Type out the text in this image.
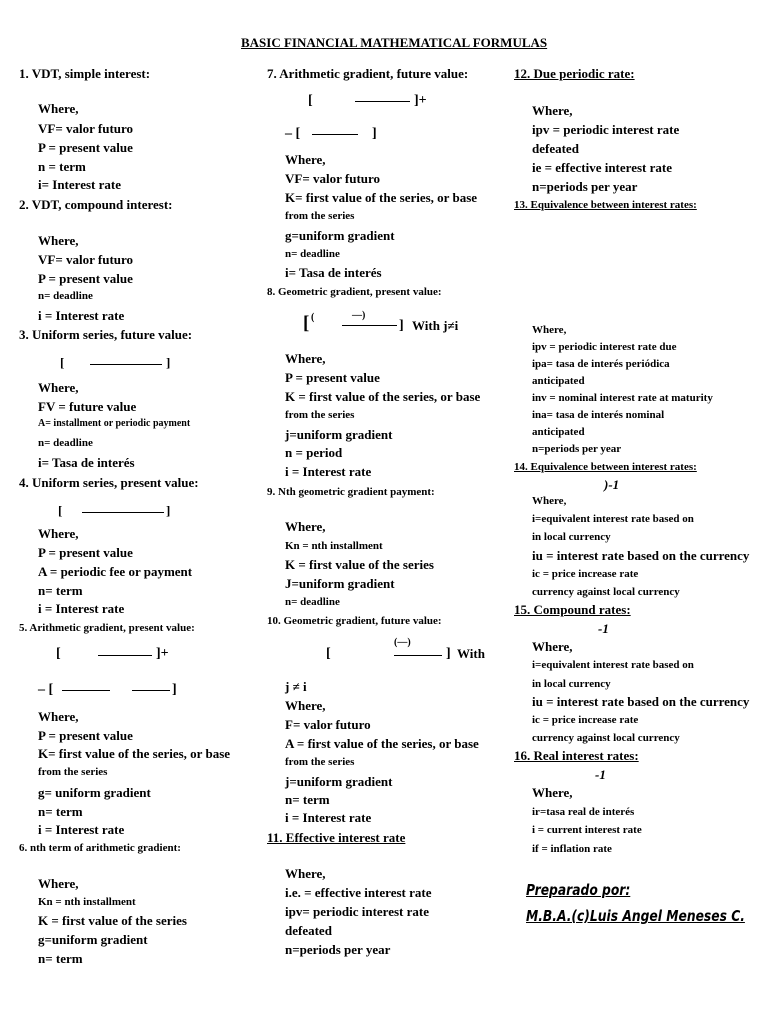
BASIC FINANCIAL MATHEMATICAL FORMULAS
1. VDT, simple interest:
Where,
VF= valor futuro
P = present value
n = term
i= Interest rate
2. VDT, compound interest:
Where,
VF= valor futuro
P = present value
n= deadline
i = Interest rate
3. Uniform series, future value:
[	]
Where,
FV = future value
A= installment or periodic payment
n= deadline
i= Tasa de interés
4. Uniform series, present value:
[	]
Where,
P = present value
A = periodic fee or payment
n= term
i = Interest rate
5. Arithmetic gradient, present value:
[	]+
– [	]
Where,
P = present value
K= first value of the series, or base
from the series
g= uniform gradient
n= term
i = Interest rate
6. nth term of arithmetic gradient:
Where,
Kn = nth installment
K = first value of the series
g=uniform gradient
n= term
7. Arithmetic gradient, future value:
[	]+
– [	]
Where,
VF= valor futuro
K= first value of the series, or base
from the series
g=uniform gradient
n= deadline
i= Tasa de interés
8. Geometric gradient, present value:
[ (	—)
] With j≠i
Where,
P = present value
K = first value of the series, or base
from the series
j=uniform gradient
n = period
i = Interest rate
9. Nth geometric gradient payment:
Where,
Kn = nth installment
K = first value of the series
J=uniform gradient
n= deadline
10. Geometric gradient, future value:
(—)
[	] With
j ≠ i
Where,
F= valor futuro
A = first value of the series, or base
from the series
j=uniform gradient
n= term
i = Interest rate
11. Effective interest rate
Where,
i.e. = effective interest rate
ipv= periodic interest rate
defeated
n=periods per year
12. Due periodic rate:
Where,
ipv = periodic interest rate
defeated
ie = effective interest rate
n=periods per year
13. Equivalence between interest rates:
Where,
ipv = periodic interest rate due
ipa= tasa de interés periódica
anticipated
inv = nominal interest rate at maturity
ina= tasa de interés nominal
anticipated
n=periods per year
14. Equivalence between interest rates:
)-1
Where,
i=equivalent interest rate based on
in local currency
iu = interest rate based on the currency
ic = price increase rate
currency against local currency
15. Compound rates:
-1
Where,
i=equivalent interest rate based on
in local currency
iu = interest rate based on the currency
ic = price increase rate
currency against local currency
16. Real interest rates:
-1
Where,
ir=tasa real de interés
i = current interest rate
if = inflation rate
Preparado por:
M.B.A.(c)Luis Angel Meneses C.
